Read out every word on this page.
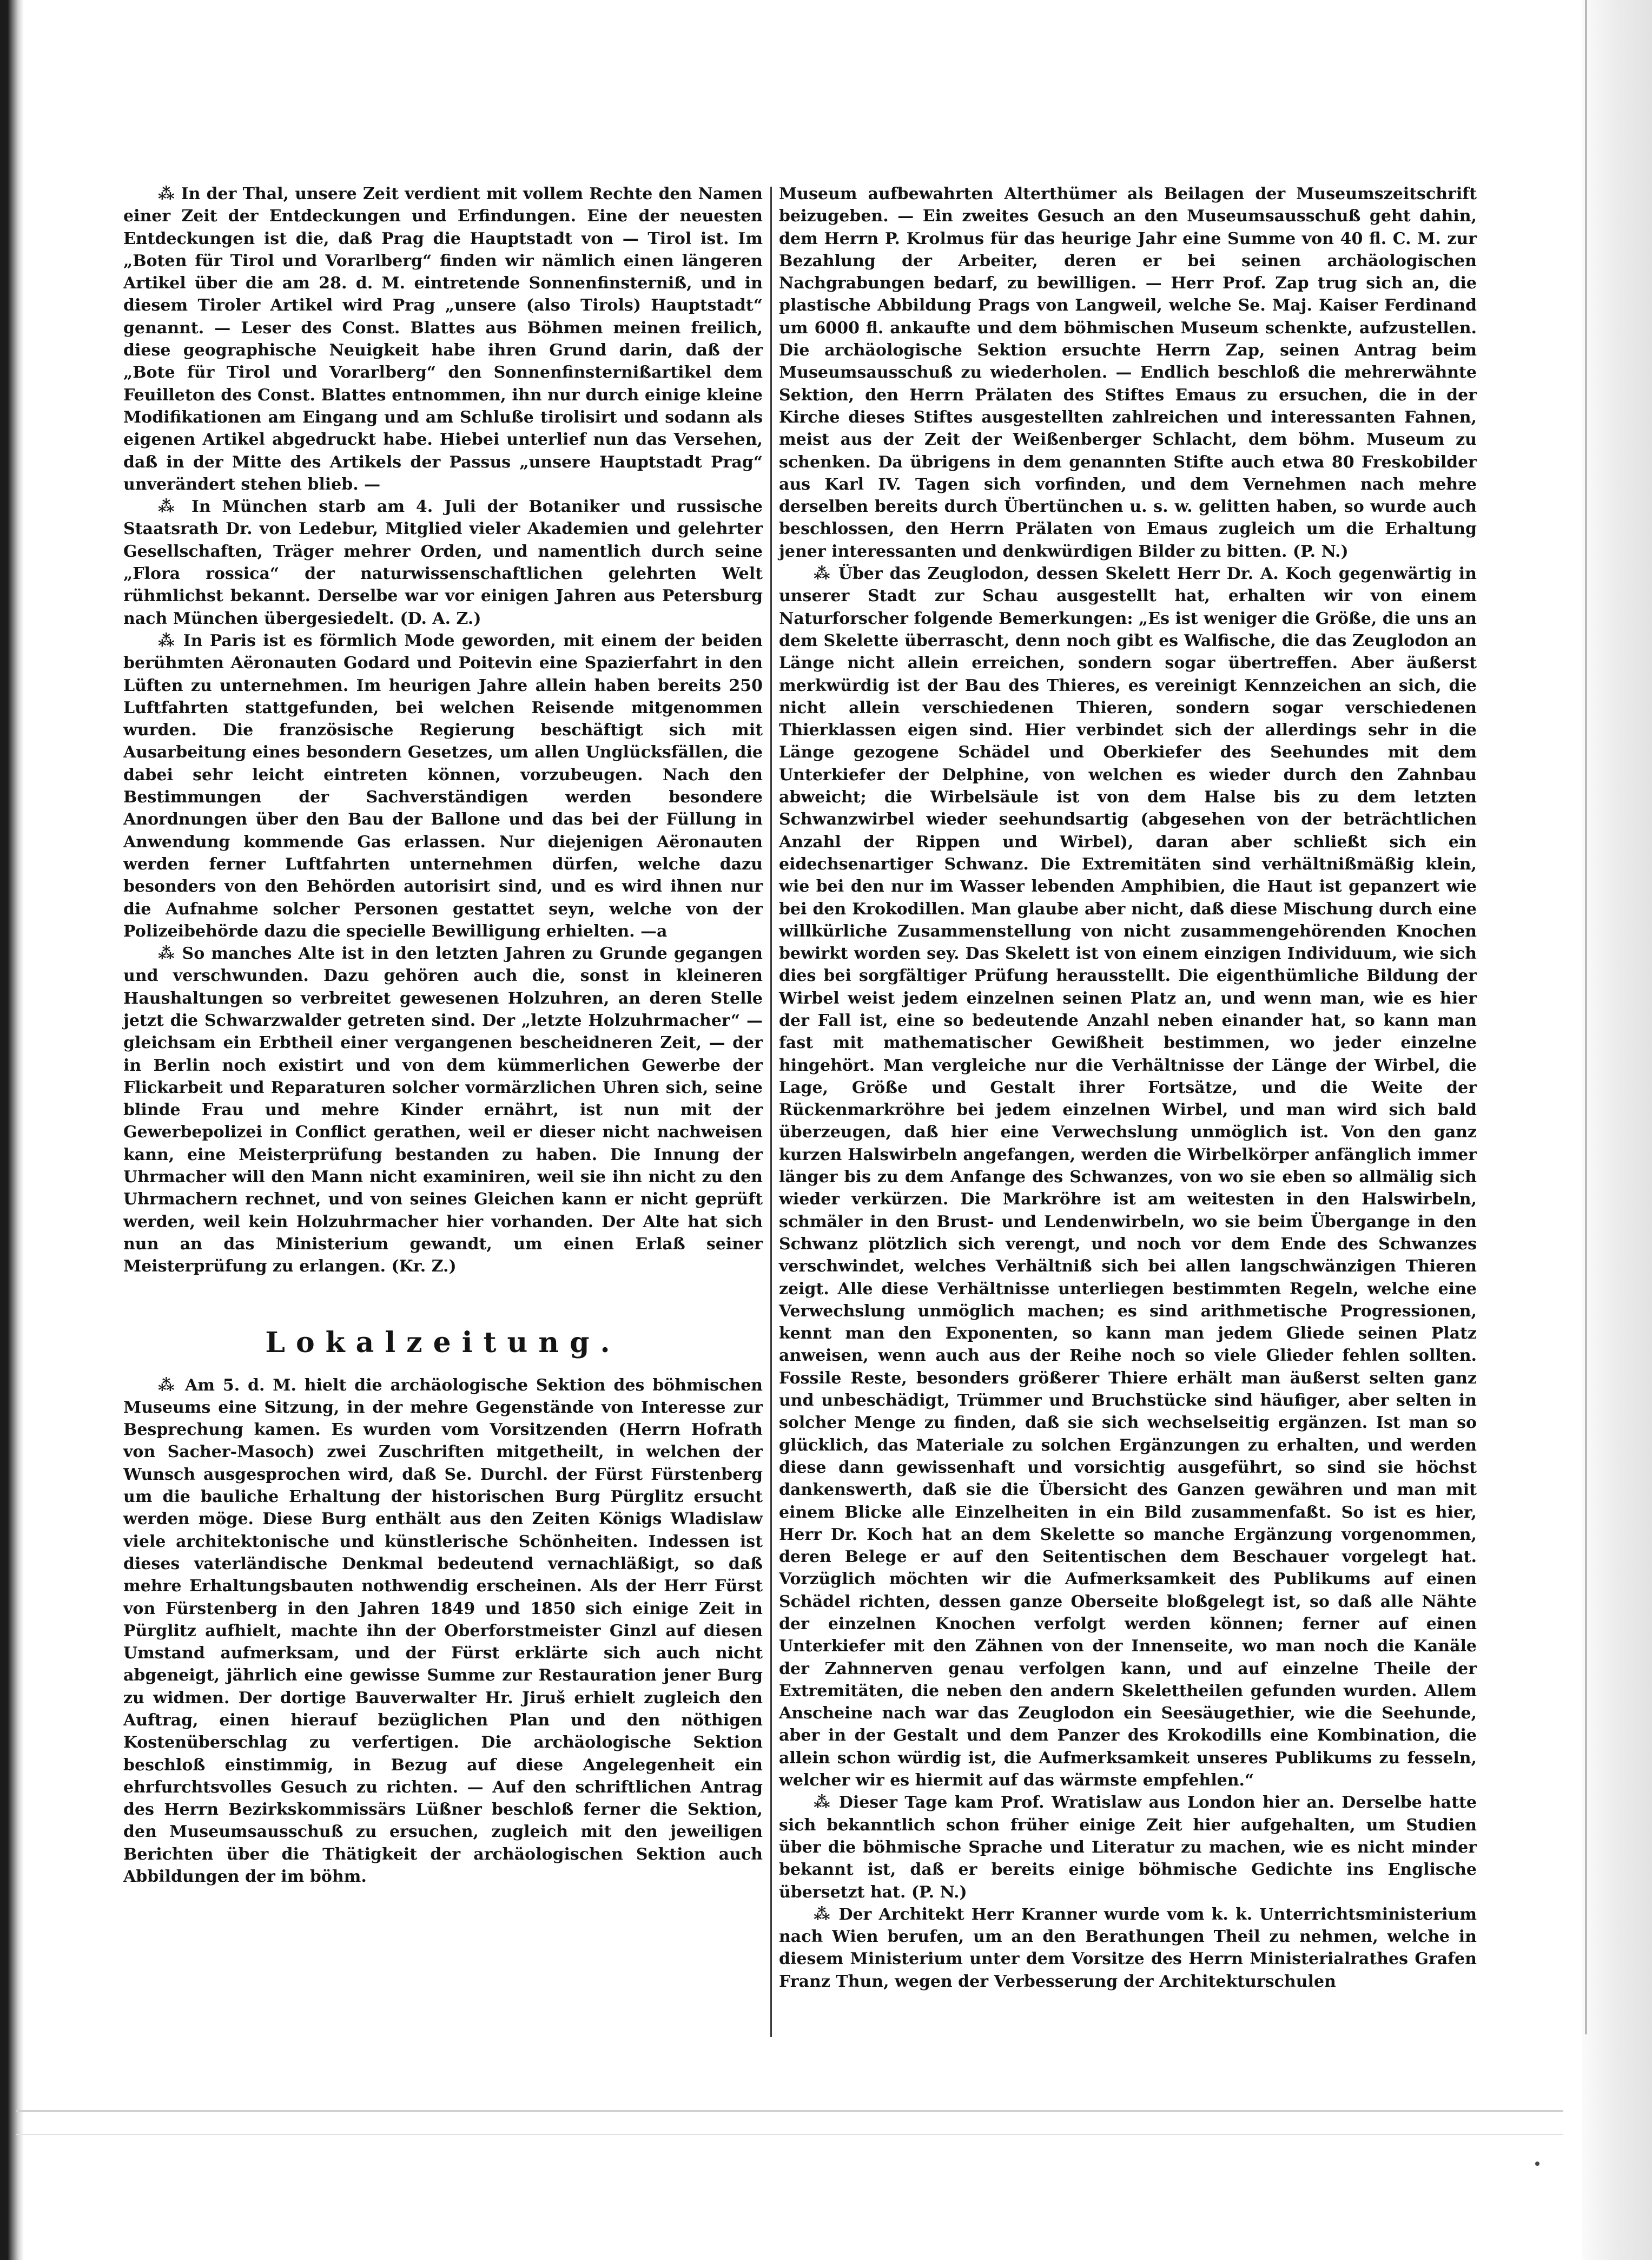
⁂ In der Thal, unsere Zeit verdient mit vollem Rechte den Namen einer Zeit der Entdeckungen und Erfindungen. Eine der neuesten Entdeckungen ist die, daß Prag die Hauptstadt von — Tirol ist. Im „Boten für Tirol und Vorarlberg“ finden wir nämlich einen längeren Artikel über die am 28. d. M. eintretende Sonnenfinsterniß, und in diesem Tiroler Artikel wird Prag „unsere (also Tirols) Hauptstadt“ genannt. — Leser des Const. Blattes aus Böhmen meinen freilich, diese geographische Neuigkeit habe ihren Grund darin, daß der „Bote für Tirol und Vorarlberg“ den Sonnenfinsternißartikel dem Feuilleton des Const. Blattes entnommen, ihn nur durch einige kleine Modifikationen am Eingang und am Schluße tirolisirt und sodann als eigenen Artikel abgedruckt habe. Hiebei unterlief nun das Versehen, daß in der Mitte des Artikels der Passus „unsere Hauptstadt Prag“ unverändert stehen blieb. —

⁂ In München starb am 4. Juli der Botaniker und russische Staatsrath Dr. von Ledebur, Mitglied vieler Akademien und gelehrter Gesellschaften, Träger mehrer Orden, und namentlich durch seine „Flora rossica“ der naturwissenschaftlichen gelehrten Welt rühmlichst bekannt. Derselbe war vor einigen Jahren aus Petersburg nach München übergesiedelt. (D. A. Z.)

⁂ In Paris ist es förmlich Mode geworden, mit einem der beiden berühmten Aëronauten Godard und Poitevin eine Spazierfahrt in den Lüften zu unternehmen. Im heurigen Jahre allein haben bereits 250 Luftfahrten stattgefunden, bei welchen Reisende mitgenommen wurden. Die französische Regierung beschäftigt sich mit Ausarbeitung eines besondern Gesetzes, um allen Unglücksfällen, die dabei sehr leicht eintreten können, vorzubeugen. Nach den Bestimmungen der Sachverständigen werden besondere Anordnungen über den Bau der Ballone und das bei der Füllung in Anwendung kommende Gas erlassen. Nur diejenigen Aëronauten werden ferner Luftfahrten unternehmen dürfen, welche dazu besonders von den Behörden autorisirt sind, und es wird ihnen nur die Aufnahme solcher Personen gestattet seyn, welche von der Polizeibehörde dazu die specielle Bewilligung erhielten. —a

⁂ So manches Alte ist in den letzten Jahren zu Grunde gegangen und verschwunden. Dazu gehören auch die, sonst in kleineren Haushaltungen so verbreitet gewesenen Holzuhren, an deren Stelle jetzt die Schwarzwalder getreten sind. Der „letzte Holzuhrmacher“ — gleichsam ein Erbtheil einer vergangenen bescheidneren Zeit, — der in Berlin noch existirt und von dem kümmerlichen Gewerbe der Flickarbeit und Reparaturen solcher vormärzlichen Uhren sich, seine blinde Frau und mehre Kinder ernährt, ist nun mit der Gewerbepolizei in Conflict gerathen, weil er dieser nicht nachweisen kann, eine Meisterprüfung bestanden zu haben. Die Innung der Uhrmacher will den Mann nicht examiniren, weil sie ihn nicht zu den Uhrmachern rechnet, und von seines Gleichen kann er nicht geprüft werden, weil kein Holzuhrmacher hier vorhanden. Der Alte hat sich nun an das Ministerium gewandt, um einen Erlaß seiner Meisterprüfung zu erlangen. (Kr. Z.)

Lokalzeitung.

⁂ Am 5. d. M. hielt die archäologische Sektion des böhmischen Museums eine Sitzung, in der mehre Gegenstände von Interesse zur Besprechung kamen. Es wurden vom Vorsitzenden (Herrn Hofrath von Sacher-Masoch) zwei Zuschriften mitgetheilt, in welchen der Wunsch ausgesprochen wird, daß Se. Durchl. der Fürst Fürstenberg um die bauliche Erhaltung der historischen Burg Pürglitz ersucht werden möge. Diese Burg enthält aus den Zeiten Königs Wladislaw viele architektonische und künstlerische Schönheiten. Indessen ist dieses vaterländische Denkmal bedeutend vernachläßigt, so daß mehre Erhaltungsbauten nothwendig erscheinen. Als der Herr Fürst von Fürstenberg in den Jahren 1849 und 1850 sich einige Zeit in Pürglitz aufhielt, machte ihn der Oberforstmeister Ginzl auf diesen Umstand aufmerksam, und der Fürst erklärte sich auch nicht abgeneigt, jährlich eine gewisse Summe zur Restauration jener Burg zu widmen. Der dortige Bauverwalter Hr. Jiruš erhielt zugleich den Auftrag, einen hierauf bezüglichen Plan und den nöthigen Kostenüberschlag zu verfertigen. Die archäologische Sektion beschloß einstimmig, in Bezug auf diese Angelegenheit ein ehrfurchtsvolles Gesuch zu richten. — Auf den schriftlichen Antrag des Herrn Bezirkskommissärs Lüßner beschloß ferner die Sektion, den Museumsausschuß zu ersuchen, zugleich mit den jeweiligen Berichten über die Thätigkeit der archäologischen Sektion auch Abbildungen der im böhm.

Museum aufbewahrten Alterthümer als Beilagen der Museumszeitschrift beizugeben. — Ein zweites Gesuch an den Museumsausschuß geht dahin, dem Herrn P. Krolmus für das heurige Jahr eine Summe von 40 fl. C. M. zur Bezahlung der Arbeiter, deren er bei seinen archäologischen Nachgrabungen bedarf, zu bewilligen. — Herr Prof. Zap trug sich an, die plastische Abbildung Prags von Langweil, welche Se. Maj. Kaiser Ferdinand um 6000 fl. ankaufte und dem böhmischen Museum schenkte, aufzustellen. Die archäologische Sektion ersuchte Herrn Zap, seinen Antrag beim Museumsausschuß zu wiederholen. — Endlich beschloß die mehrerwähnte Sektion, den Herrn Prälaten des Stiftes Emaus zu ersuchen, die in der Kirche dieses Stiftes ausgestellten zahlreichen und interessanten Fahnen, meist aus der Zeit der Weißenberger Schlacht, dem böhm. Museum zu schenken. Da übrigens in dem genannten Stifte auch etwa 80 Freskobilder aus Karl IV. Tagen sich vorfinden, und dem Vernehmen nach mehre derselben bereits durch Übertünchen u. s. w. gelitten haben, so wurde auch beschlossen, den Herrn Prälaten von Emaus zugleich um die Erhaltung jener interessanten und denkwürdigen Bilder zu bitten. (P. N.)

⁂ Über das Zeuglodon, dessen Skelett Herr Dr. A. Koch gegenwärtig in unserer Stadt zur Schau ausgestellt hat, erhalten wir von einem Naturforscher folgende Bemerkungen: „Es ist weniger die Größe, die uns an dem Skelette überrascht, denn noch gibt es Walfische, die das Zeuglodon an Länge nicht allein erreichen, sondern sogar übertreffen. Aber äußerst merkwürdig ist der Bau des Thieres, es vereinigt Kennzeichen an sich, die nicht allein verschiedenen Thieren, sondern sogar verschiedenen Thierklassen eigen sind. Hier verbindet sich der allerdings sehr in die Länge gezogene Schädel und Oberkiefer des Seehundes mit dem Unterkiefer der Delphine, von welchen es wieder durch den Zahnbau abweicht; die Wirbelsäule ist von dem Halse bis zu dem letzten Schwanzwirbel wieder seehundsartig (abgesehen von der beträchtlichen Anzahl der Rippen und Wirbel), daran aber schließt sich ein eidechsenartiger Schwanz. Die Extremitäten sind verhältnißmäßig klein, wie bei den nur im Wasser lebenden Amphibien, die Haut ist gepanzert wie bei den Krokodillen. Man glaube aber nicht, daß diese Mischung durch eine willkürliche Zusammenstellung von nicht zusammengehörenden Knochen bewirkt worden sey. Das Skelett ist von einem einzigen Individuum, wie sich dies bei sorgfältiger Prüfung herausstellt. Die eigenthümliche Bildung der Wirbel weist jedem einzelnen seinen Platz an, und wenn man, wie es hier der Fall ist, eine so bedeutende Anzahl neben einander hat, so kann man fast mit mathematischer Gewißheit bestimmen, wo jeder einzelne hingehört. Man vergleiche nur die Verhältnisse der Länge der Wirbel, die Lage, Größe und Gestalt ihrer Fortsätze, und die Weite der Rückenmarkröhre bei jedem einzelnen Wirbel, und man wird sich bald überzeugen, daß hier eine Verwechslung unmöglich ist. Von den ganz kurzen Halswirbeln angefangen, werden die Wirbelkörper anfänglich immer länger bis zu dem Anfange des Schwanzes, von wo sie eben so allmälig sich wieder verkürzen. Die Markröhre ist am weitesten in den Halswirbeln, schmäler in den Brust- und Lendenwirbeln, wo sie beim Übergange in den Schwanz plötzlich sich verengt, und noch vor dem Ende des Schwanzes verschwindet, welches Verhältniß sich bei allen langschwänzigen Thieren zeigt. Alle diese Verhältnisse unterliegen bestimmten Regeln, welche eine Verwechslung unmöglich machen; es sind arithmetische Progressionen, kennt man den Exponenten, so kann man jedem Gliede seinen Platz anweisen, wenn auch aus der Reihe noch so viele Glieder fehlen sollten. Fossile Reste, besonders größerer Thiere erhält man äußerst selten ganz und unbeschädigt, Trümmer und Bruchstücke sind häufiger, aber selten in solcher Menge zu finden, daß sie sich wechselseitig ergänzen. Ist man so glücklich, das Materiale zu solchen Ergänzungen zu erhalten, und werden diese dann gewissenhaft und vorsichtig ausgeführt, so sind sie höchst dankenswerth, daß sie die Übersicht des Ganzen gewähren und man mit einem Blicke alle Einzelheiten in ein Bild zusammenfaßt. So ist es hier, Herr Dr. Koch hat an dem Skelette so manche Ergänzung vorgenommen, deren Belege er auf den Seitentischen dem Beschauer vorgelegt hat. Vorzüglich möchten wir die Aufmerksamkeit des Publikums auf einen Schädel richten, dessen ganze Oberseite bloßgelegt ist, so daß alle Nähte der einzelnen Knochen verfolgt werden können; ferner auf einen Unterkiefer mit den Zähnen von der Innenseite, wo man noch die Kanäle der Zahnnerven genau verfolgen kann, und auf einzelne Theile der Extremitäten, die neben den andern Skelettheilen gefunden wurden. Allem Anscheine nach war das Zeuglodon ein Seesäugethier, wie die Seehunde, aber in der Gestalt und dem Panzer des Krokodills eine Kombination, die allein schon würdig ist, die Aufmerksamkeit unseres Publikums zu fesseln, welcher wir es hiermit auf das wärmste empfehlen.“

⁂ Dieser Tage kam Prof. Wratislaw aus London hier an. Derselbe hatte sich bekanntlich schon früher einige Zeit hier aufgehalten, um Studien über die böhmische Sprache und Literatur zu machen, wie es nicht minder bekannt ist, daß er bereits einige böhmische Gedichte ins Englische übersetzt hat. (P. N.)

⁂ Der Architekt Herr Kranner wurde vom k. k. Unterrichtsministerium nach Wien berufen, um an den Berathungen Theil zu nehmen, welche in diesem Ministerium unter dem Vorsitze des Herrn Ministerialrathes Grafen Franz Thun, wegen der Verbesserung der Architekturschulen
